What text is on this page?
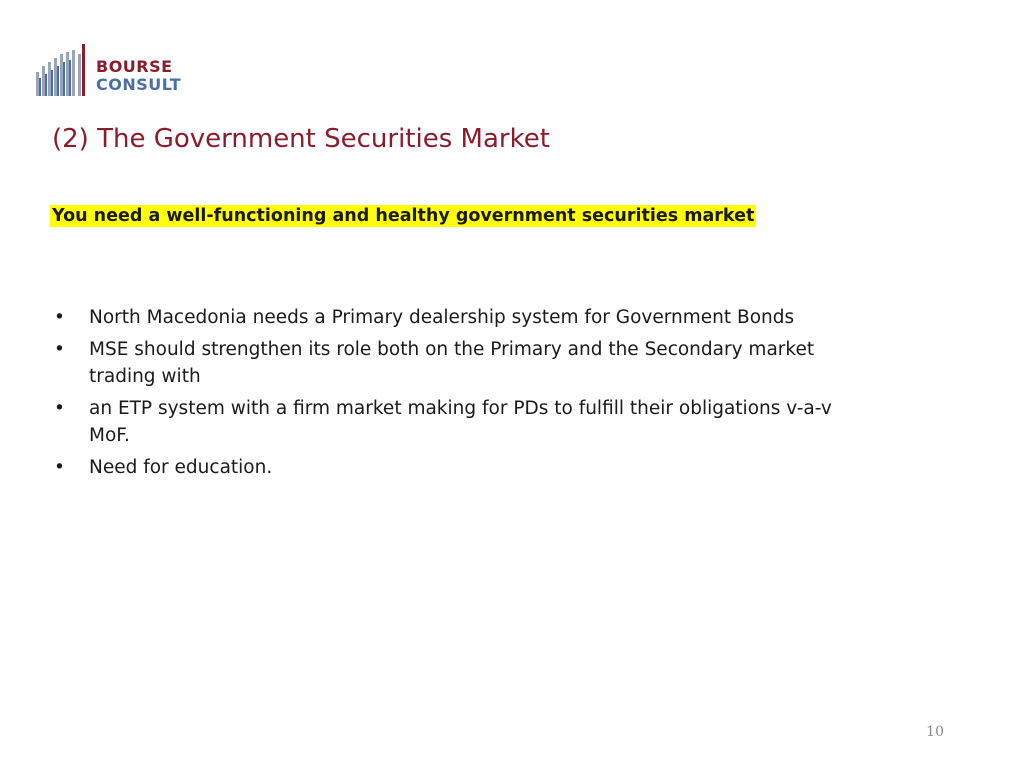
BOURSE
CONSULT
(2) The Government Securities Market

You need a well-functioning and healthy government securities market

• North Macedonia needs a Primary dealership system for Government Bonds
• MSE should strengthen its role both on the Primary and the Secondary market trading with
• an ETP system with a firm market making for PDs to fulfill their obligations v-a-v MoF.
• Need for education.
10
